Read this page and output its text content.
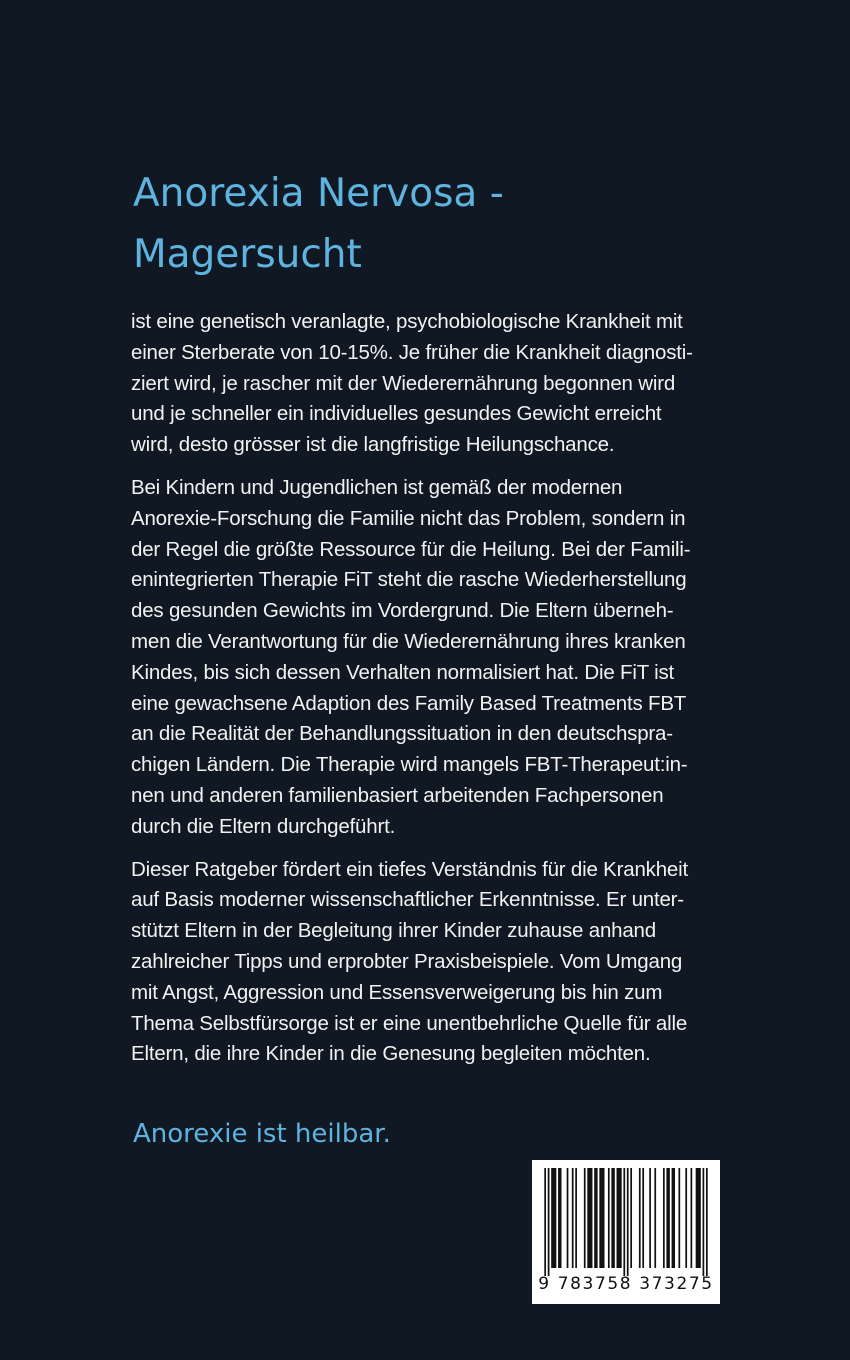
Anorexia Nervosa -
Magersucht
ist eine genetisch veranlagte, psychobiologische Krankheit mit
einer Sterberate von 10-15%. Je früher die Krankheit diagnosti-
ziert wird, je rascher mit der Wiederernährung begonnen wird
und je schneller ein individuelles gesundes Gewicht erreicht
wird, desto grösser ist die langfristige Heilungschance.
Bei Kindern und Jugendlichen ist gemäß der modernen
Anorexie-Forschung die Familie nicht das Problem, sondern in
der Regel die größte Ressource für die Heilung. Bei der Famili-
enintegrierten Therapie FiT steht die rasche Wiederherstellung
des gesunden Gewichts im Vordergrund. Die Eltern überneh-
men die Verantwortung für die Wiederernährung ihres kranken
Kindes, bis sich dessen Verhalten normalisiert hat. Die FiT ist
eine gewachsene Adaption des Family Based Treatments FBT
an die Realität der Behandlungssituation in den deutschspra-
chigen Ländern. Die Therapie wird mangels FBT-Therapeut:in-
nen und anderen familienbasiert arbeitenden Fachpersonen
durch die Eltern durchgeführt.
Dieser Ratgeber fördert ein tiefes Verständnis für die Krankheit
auf Basis moderner wissenschaftlicher Erkenntnisse. Er unter-
stützt Eltern in der Begleitung ihrer Kinder zuhause anhand
zahlreicher Tipps und erprobter Praxisbeispiele. Vom Umgang
mit Angst, Aggression und Essensverweigerung bis hin zum
Thema Selbstfürsorge ist er eine unentbehrliche Quelle für alle
Eltern, die ihre Kinder in die Genesung begleiten möchten.

Anorexie ist heilbar.

9 783758 373275
